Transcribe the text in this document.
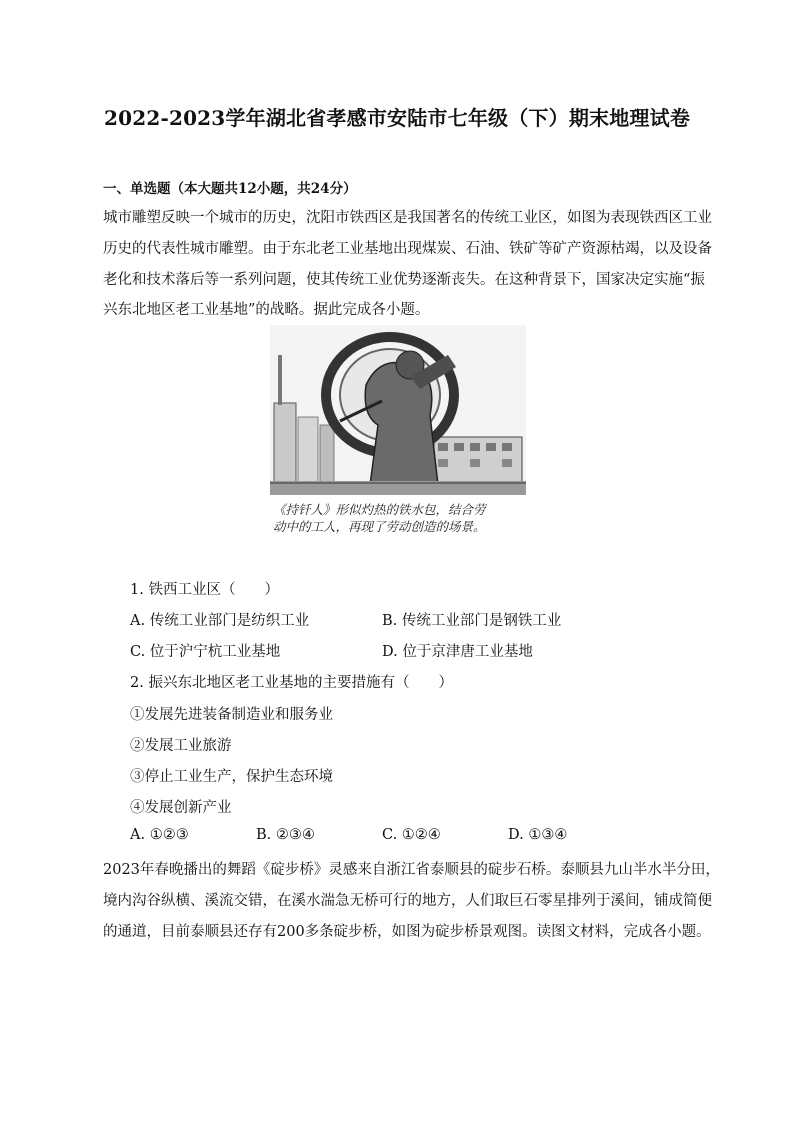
2022-2023学年湖北省孝感市安陆市七年级（下）期末地理试卷
一、单选题（本大题共12小题，共24分）
城市雕塑反映一个城市的历史，沈阳市铁西区是我国著名的传统工业区，如图为表现铁西区工业
历史的代表性城市雕塑。由于东北老工业基地出现煤炭、石油、铁矿等矿产资源枯竭，以及设备
老化和技术落后等一系列问题，使其传统工业优势逐渐丧失。在这种背景下，国家决定实施“振
兴东北地区老工业基地”的战略。据此完成各小题。
《持钎人》形似灼热的铁水包，结合劳
动中的工人，再现了劳动创造的场景。
1. 铁西工业区（　　）
A. 传统工业部门是纺织工业	B. 传统工业部门是钢铁工业
C. 位于沪宁杭工业基地	D. 位于京津唐工业基地
2. 振兴东北地区老工业基地的主要措施有（　　）
①发展先进装备制造业和服务业
②发展工业旅游
③停止工业生产，保护生态环境
④发展创新产业
A. ①②③	B. ②③④	C. ①②④	D. ①③④
2023年春晚播出的舞蹈《碇步桥》灵感来自浙江省泰顺县的碇步石桥。泰顺县九山半水半分田，
境内沟谷纵横、溪流交错，在溪水湍急无桥可行的地方，人们取巨石零星排列于溪间，铺成简便
的通道，目前泰顺县还存有200多条碇步桥，如图为碇步桥景观图。读图文材料，完成各小题。
